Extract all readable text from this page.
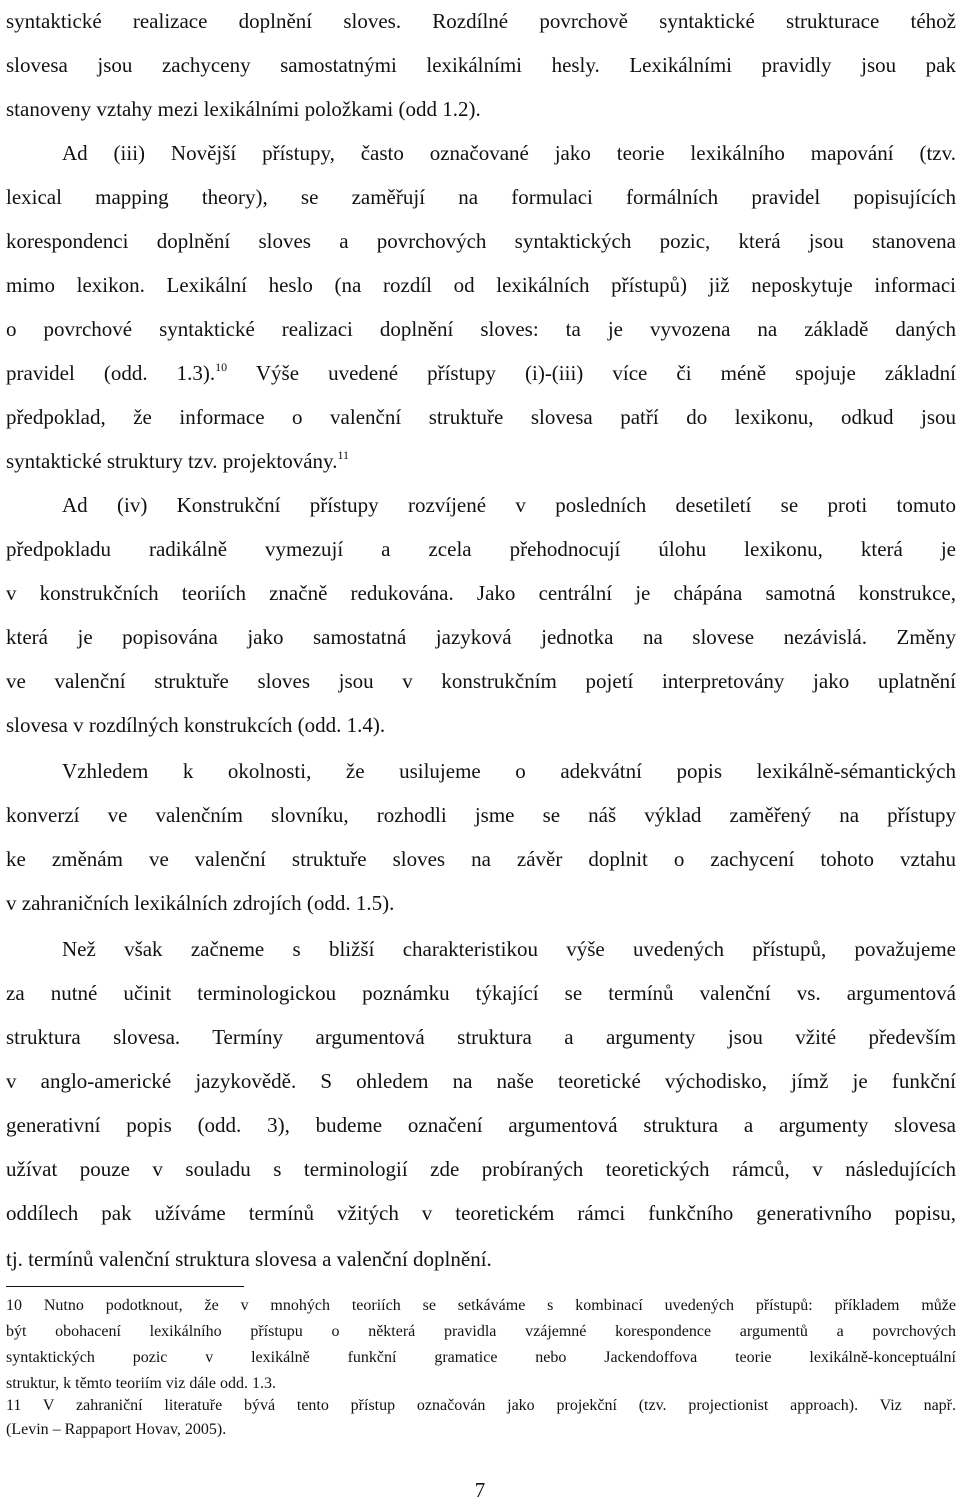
syntaktické realizace doplnění sloves. Rozdílné povrchově syntaktické strukturace téhož
slovesa jsou zachyceny samostatnými lexikálními hesly. Lexikálními pravidly jsou pak
stanoveny vztahy mezi lexikálními položkami (odd 1.2).
Ad (iii) Novější přístupy, často označované jako teorie lexikálního mapování (tzv.
lexical mapping theory), se zaměřují na formulaci formálních pravidel popisujících
korespondenci doplnění sloves a povrchových syntaktických pozic, která jsou stanovena
mimo lexikon. Lexikální heslo (na rozdíl od lexikálních přístupů) již neposkytuje informaci
o povrchové syntaktické realizaci doplnění sloves: ta je vyvozena na základě daných
pravidel (odd. 1.3).$^{10}$ Výše uvedené přístupy (i)-(iii) více či méně spojuje základní
předpoklad, že informace o valenční struktuře slovesa patří do lexikonu, odkud jsou
syntaktické struktury tzv. projektovány.$^{11}$
Ad (iv) Konstrukční přístupy rozvíjené v posledních desetiletí se proti tomuto
předpokladu radikálně vymezují a zcela přehodnocují úlohu lexikonu, která je
v konstrukčních teoriích značně redukována. Jako centrální je chápána samotná konstrukce,
která je popisována jako samostatná jazyková jednotka na slovese nezávislá. Změny
ve valenční struktuře sloves jsou v konstrukčním pojetí interpretovány jako uplatnění
slovesa v rozdílných konstrukcích (odd. 1.4).
Vzhledem k okolnosti, že usilujeme o adekvátní popis lexikálně-sémantických
konverzí ve valenčním slovníku, rozhodli jsme se náš výklad zaměřený na přístupy
ke změnám ve valenční struktuře sloves na závěr doplnit o zachycení tohoto vztahu
v zahraničních lexikálních zdrojích (odd. 1.5).
Než však začneme s bližší charakteristikou výše uvedených přístupů, považujeme
za nutné učinit terminologickou poznámku týkající se termínů valenční vs. argumentová
struktura slovesa. Termíny argumentová struktura a argumenty jsou vžité především
v anglo-americké jazykovědě. S ohledem na naše teoretické východisko, jímž je funkční
generativní popis (odd. 3), budeme označení argumentová struktura a argumenty slovesa
užívat pouze v souladu s terminologií zde probíraných teoretických rámců, v následujících
oddílech pak užíváme termínů vžitých v teoretickém rámci funkčního generativního popisu,
tj. termínů valenční struktura slovesa a valenční doplnění.
10 Nutno podotknout, že v mnohých teoriích se setkáváme s kombinací uvedených přístupů: příkladem může
být obohacení lexikálního přístupu o některá pravidla vzájemné korespondence argumentů a povrchových
syntaktických pozic v lexikálně funkční gramatice nebo Jackendoffova teorie lexikálně-konceptuální
struktur, k těmto teoriím viz dále odd. 1.3.
11 V zahraniční literatuře bývá tento přístup označován jako projekční (tzv. projectionist approach). Viz např.
(Levin – Rappaport Hovav, 2005).
7
